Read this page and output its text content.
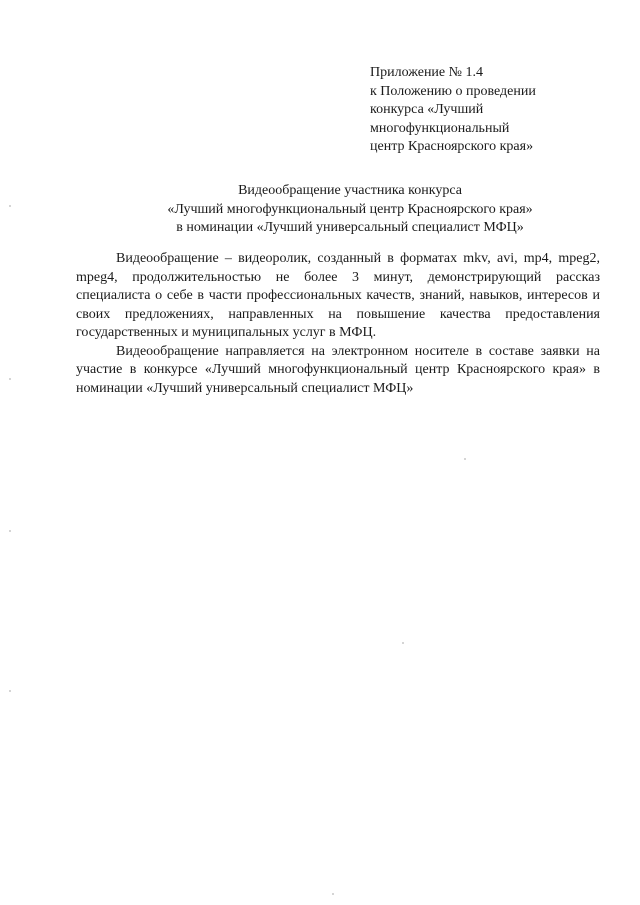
Приложение № 1.4
к Положению о проведении
конкурса «Лучший
многофункциональный
центр Красноярского края»
Видеообращение участника конкурса
«Лучший многофункциональный центр Красноярского края»
в номинации «Лучший универсальный специалист МФЦ»

Видеообращение – видеоролик, созданный в форматах mkv, avi, mp4, mpeg2, mpeg4, продолжительностью не более 3 минут, демонстрирующий рассказ специалиста о себе в части профессиональных качеств, знаний, навыков, интересов и своих предложениях, направленных на повышение качества предоставления государственных и муниципальных услуг в МФЦ.

Видеообращение направляется на электронном носителе в составе заявки на участие в конкурсе «Лучший многофункциональный центр Красноярского края» в номинации «Лучший универсальный специалист МФЦ»
